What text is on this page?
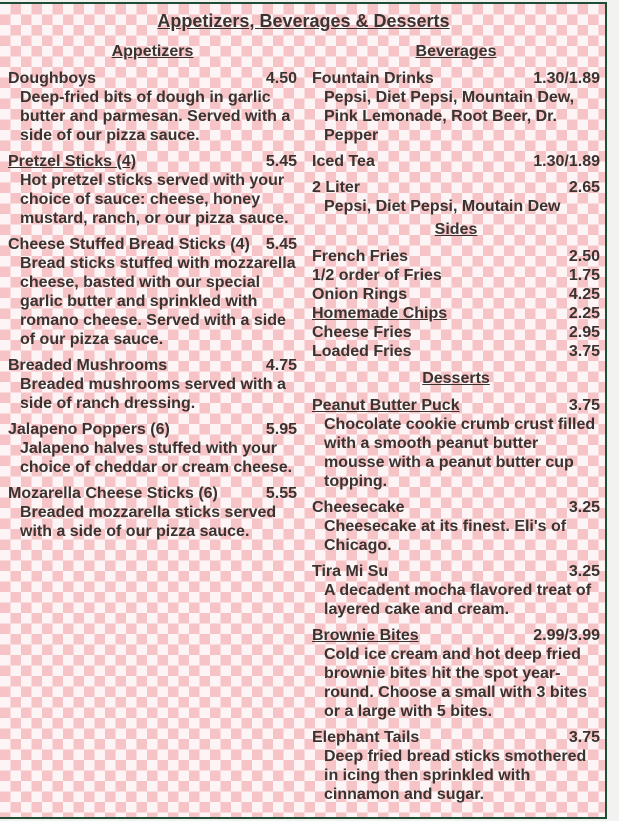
Appetizers, Beverages & Desserts
Appetizers
Doughboys	4.50
Deep-fried bits of dough in garlic butter and parmesan. Served with a side of our pizza sauce.
Pretzel Sticks (4)	5.45
Hot pretzel sticks served with your choice of sauce: cheese, honey mustard, ranch, or our pizza sauce.
Cheese Stuffed Bread Sticks (4) 5.45
Bread sticks stuffed with mozzarella cheese, basted with our special garlic butter and sprinkled with romano cheese. Served with a side of our pizza sauce.
Breaded Mushrooms	4.75
Breaded mushrooms served with a side of ranch dressing.
Jalapeno Poppers (6)	5.95
Jalapeno halves stuffed with your choice of cheddar or cream cheese.
Mozarella Cheese Sticks (6)	5.55
Breaded mozzarella sticks served with a side of our pizza sauce.
Beverages
Fountain Drinks	1.30/1.89
Pepsi, Diet Pepsi, Mountain Dew, Pink Lemonade, Root Beer, Dr. Pepper
Iced Tea	1.30/1.89
2 Liter	2.65
Pepsi, Diet Pepsi, Moutain Dew
Sides
French Fries	2.50
1/2 order of Fries	1.75
Onion Rings	4.25
Homemade Chips	2.25
Cheese Fries	2.95
Loaded Fries	3.75
Desserts
Peanut Butter Puck	3.75
Chocolate cookie crumb crust filled with a smooth peanut butter mousse with a peanut butter cup topping.
Cheesecake	3.25
Cheesecake at its finest. Eli's of Chicago.
Tira Mi Su	3.25
A decadent mocha flavored treat of layered cake and cream.
Brownie Bites	2.99/3.99
Cold ice cream and hot deep fried brownie bites hit the spot year-round. Choose a small with 3 bites or a large with 5 bites.
Elephant Tails	3.75
Deep fried bread sticks smothered in icing then sprinkled with cinnamon and sugar.
